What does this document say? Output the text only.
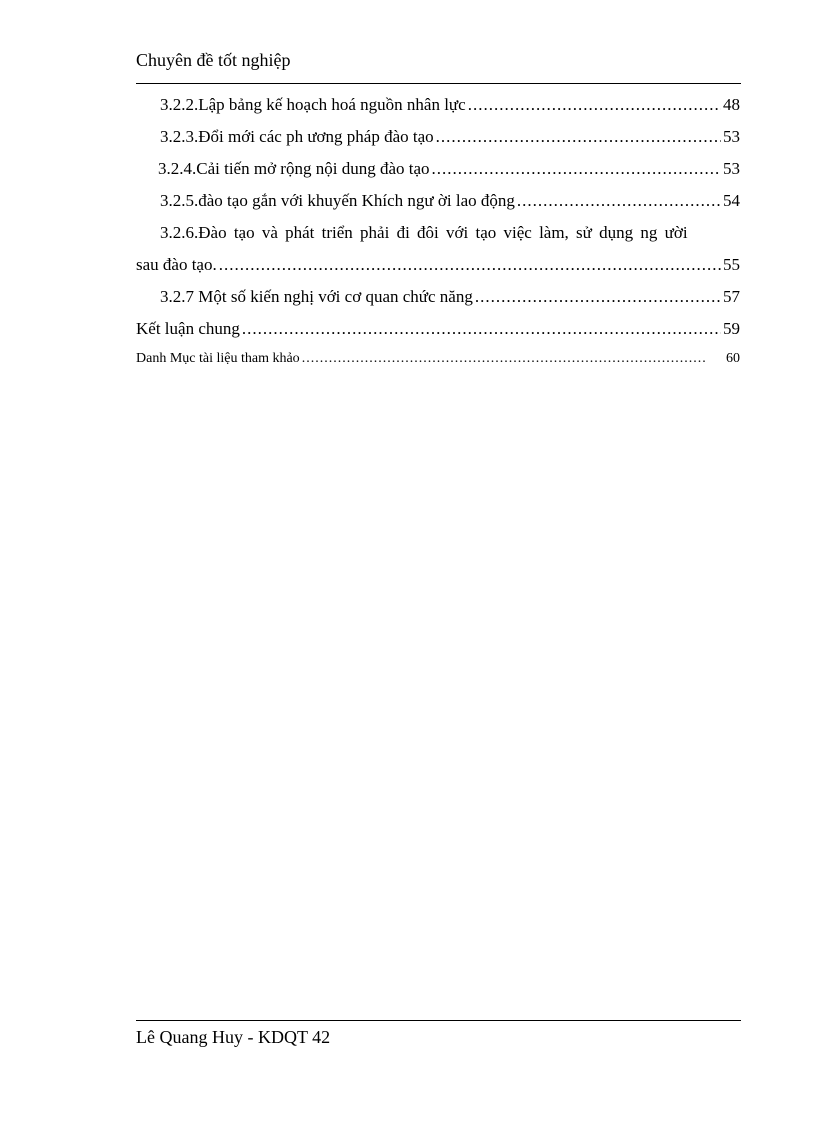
Chuyên đề tốt nghiệp
3.2.2.Lập bảng kế hoạch hoá nguồn nhân lực .....	48
3.2.3.Đổi mới các ph ương pháp đào tạo .....	53
3.2.4.Cải tiến mở rộng nội dung đào tạo .....	53
3.2.5.đào tạo gắn với khuyến Khích ngư ời lao động .....	54
3.2.6.Đào tạo và phát triển phải đi đôi với tạo việc làm, sử dụng ng ười
sau đào tạo. .....	55
3.2.7 Một số kiến nghị với cơ quan chức năng .....	57
Kết luận chung .....	59
Danh Mục tài liệu tham khảo .....	60
Lê Quang Huy - KDQT 42
